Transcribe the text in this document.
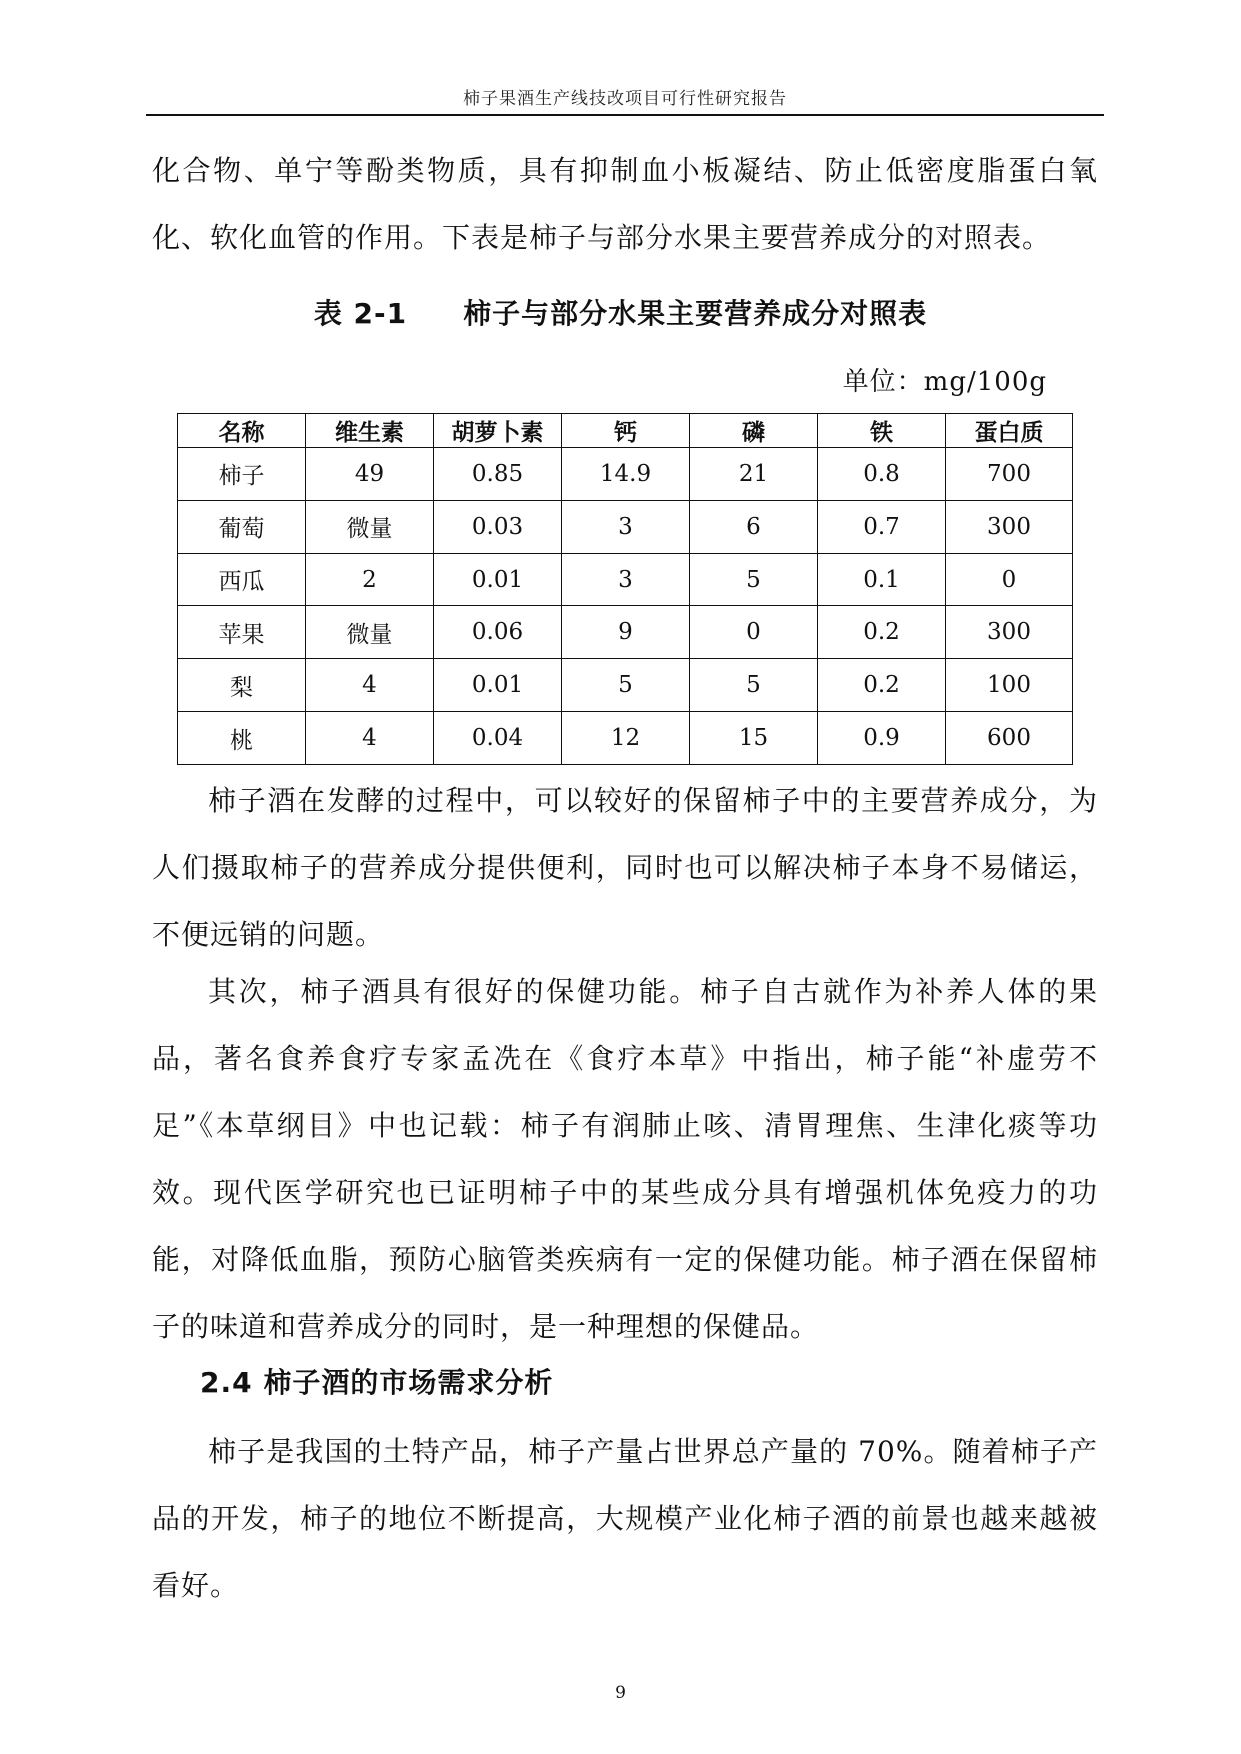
柿子果酒生产线技改项目可行性研究报告

化合物、单宁等酚类物质，具有抑制血小板凝结、防止低密度脂蛋白氧化、软化血管的作用。下表是柿子与部分水果主要营养成分的对照表。

表 2-1 柿子与部分水果主要营养成分对照表
单位：mg/100g
名称	维生素	胡萝卜素	钙	磷	铁	蛋白质
柿子	49	0.85	14.9	21	0.8	700
葡萄	微量	0.03	3	6	0.7	300
西瓜	2	0.01	3	5	0.1	0
苹果	微量	0.06	9	0	0.2	300
梨	4	0.01	5	5	0.2	100
桃	4	0.04	12	15	0.9	600

柿子酒在发酵的过程中，可以较好的保留柿子中的主要营养成分，为人们摄取柿子的营养成分提供便利，同时也可以解决柿子本身不易储运，不便远销的问题。

其次，柿子酒具有很好的保健功能。柿子自古就作为补养人体的果品，著名食养食疗专家孟冼在《食疗本草》中指出，柿子能“补虚劳不足”《本草纲目》中也记载：柿子有润肺止咳、清胃理焦、生津化痰等功效。现代医学研究也已证明柿子中的某些成分具有增强机体免疫力的功能，对降低血脂，预防心脑管类疾病有一定的保健功能。柿子酒在保留柿子的味道和营养成分的同时，是一种理想的保健品。

2.4 柿子酒的市场需求分析

柿子是我国的土特产品，柿子产量占世界总产量的 70%。随着柿子产品的开发，柿子的地位不断提高，大规模产业化柿子酒的前景也越来越被看好。

9
